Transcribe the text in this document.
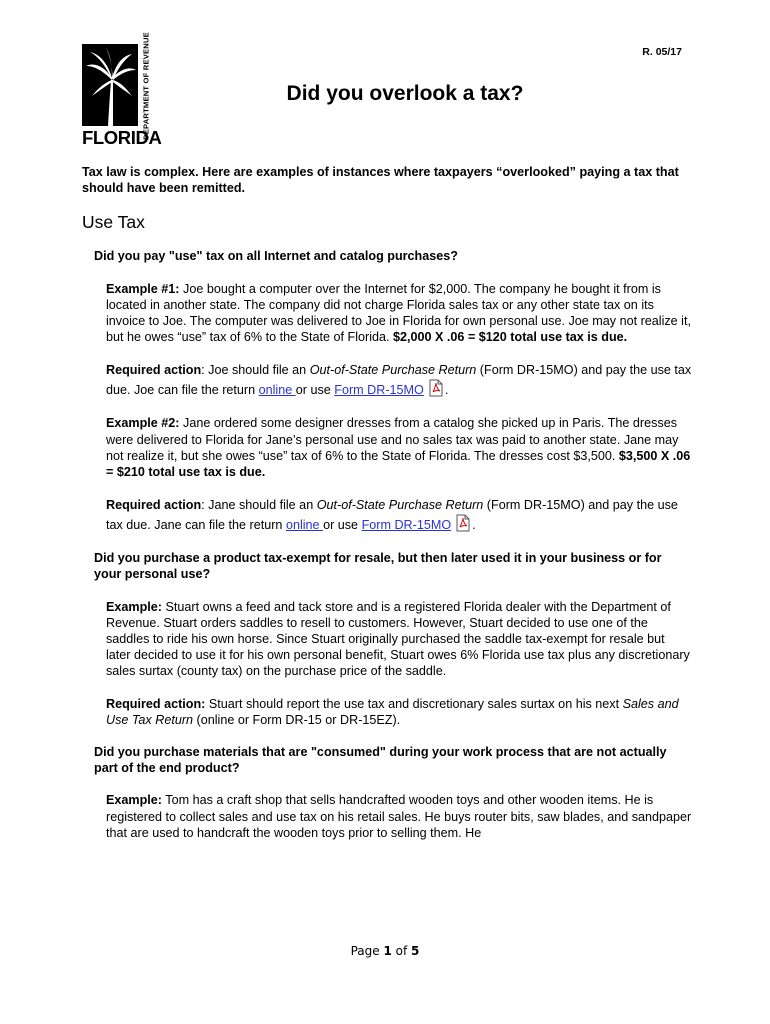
DEPARTMENT OF REVENUE
FLORIDA
R. 05/17
Did you overlook a tax?

Tax law is complex. Here are examples of instances where taxpayers “overlooked” paying a tax that should have been remitted.

Use Tax

Did you pay "use" tax on all Internet and catalog purchases?

Example #1: Joe bought a computer over the Internet for $2,000. The company he bought it from is located in another state. The company did not charge Florida sales tax or any other state tax on its invoice to Joe. The computer was delivered to Joe in Florida for own personal use. Joe may not realize it, but he owes “use” tax of 6% to the State of Florida. $2,000 X .06 = $120 total use tax is due.

Required action: Joe should file an Out-of-State Purchase Return (Form DR-15MO) and pay the use tax due. Joe can file the return online or use Form DR-15MO .

Example #2: Jane ordered some designer dresses from a catalog she picked up in Paris. The dresses were delivered to Florida for Jane’s personal use and no sales tax was paid to another state. Jane may not realize it, but she owes “use” tax of 6% to the State of Florida. The dresses cost $3,500. $3,500 X .06 = $210 total use tax is due.

Required action: Jane should file an Out-of-State Purchase Return (Form DR-15MO) and pay the use tax due. Jane can file the return online or use Form DR-15MO .

Did you purchase a product tax-exempt for resale, but then later used it in your business or for your personal use?

Example: Stuart owns a feed and tack store and is a registered Florida dealer with the Department of Revenue. Stuart orders saddles to resell to customers. However, Stuart decided to use one of the saddles to ride his own horse. Since Stuart originally purchased the saddle tax-exempt for resale but later decided to use it for his own personal benefit, Stuart owes 6% Florida use tax plus any discretionary sales surtax (county tax) on the purchase price of the saddle.

Required action: Stuart should report the use tax and discretionary sales surtax on his next Sales and Use Tax Return (online or Form DR-15 or DR-15EZ).

Did you purchase materials that are "consumed" during your work process that are not actually part of the end product?

Example: Tom has a craft shop that sells handcrafted wooden toys and other wooden items. He is registered to collect sales and use tax on his retail sales. He buys router bits, saw blades, and sandpaper that are used to handcraft the wooden toys prior to selling them. He

Page 1 of 5
